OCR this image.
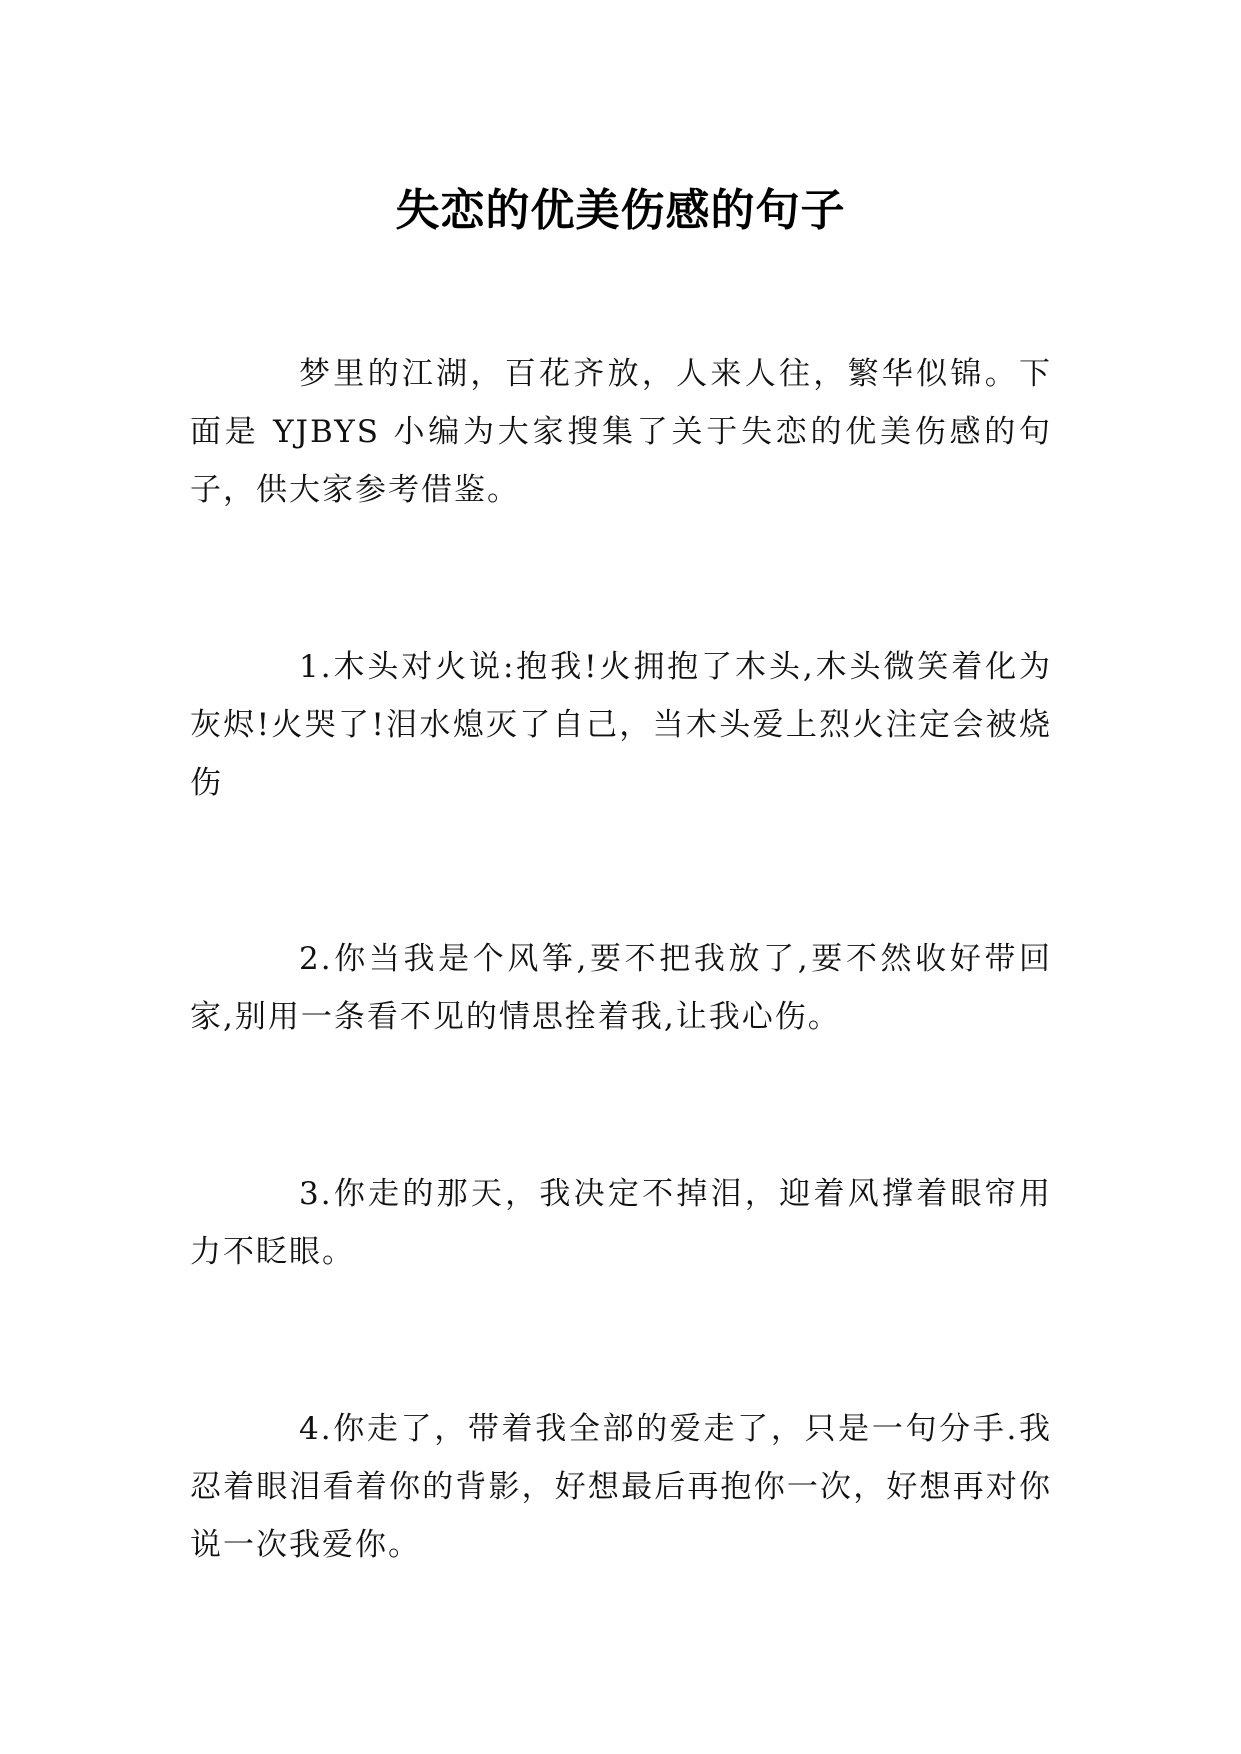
失恋的优美伤感的句子

梦里的江湖，百花齐放，人来人往，繁华似锦。下面是 YJBYS 小编为大家搜集了关于失恋的优美伤感的句子，供大家参考借鉴。

1.木头对火说:抱我!火拥抱了木头,木头微笑着化为灰烬!火哭了!泪水熄灭了自己，当木头爱上烈火注定会被烧伤

2.你当我是个风筝,要不把我放了,要不然收好带回家,别用一条看不见的情思拴着我,让我心伤。

3.你走的那天，我决定不掉泪，迎着风撑着眼帘用力不眨眼。

4.你走了，带着我全部的爱走了，只是一句分手.我忍着眼泪看着你的背影，好想最后再抱你一次，好想再对你说一次我爱你。
